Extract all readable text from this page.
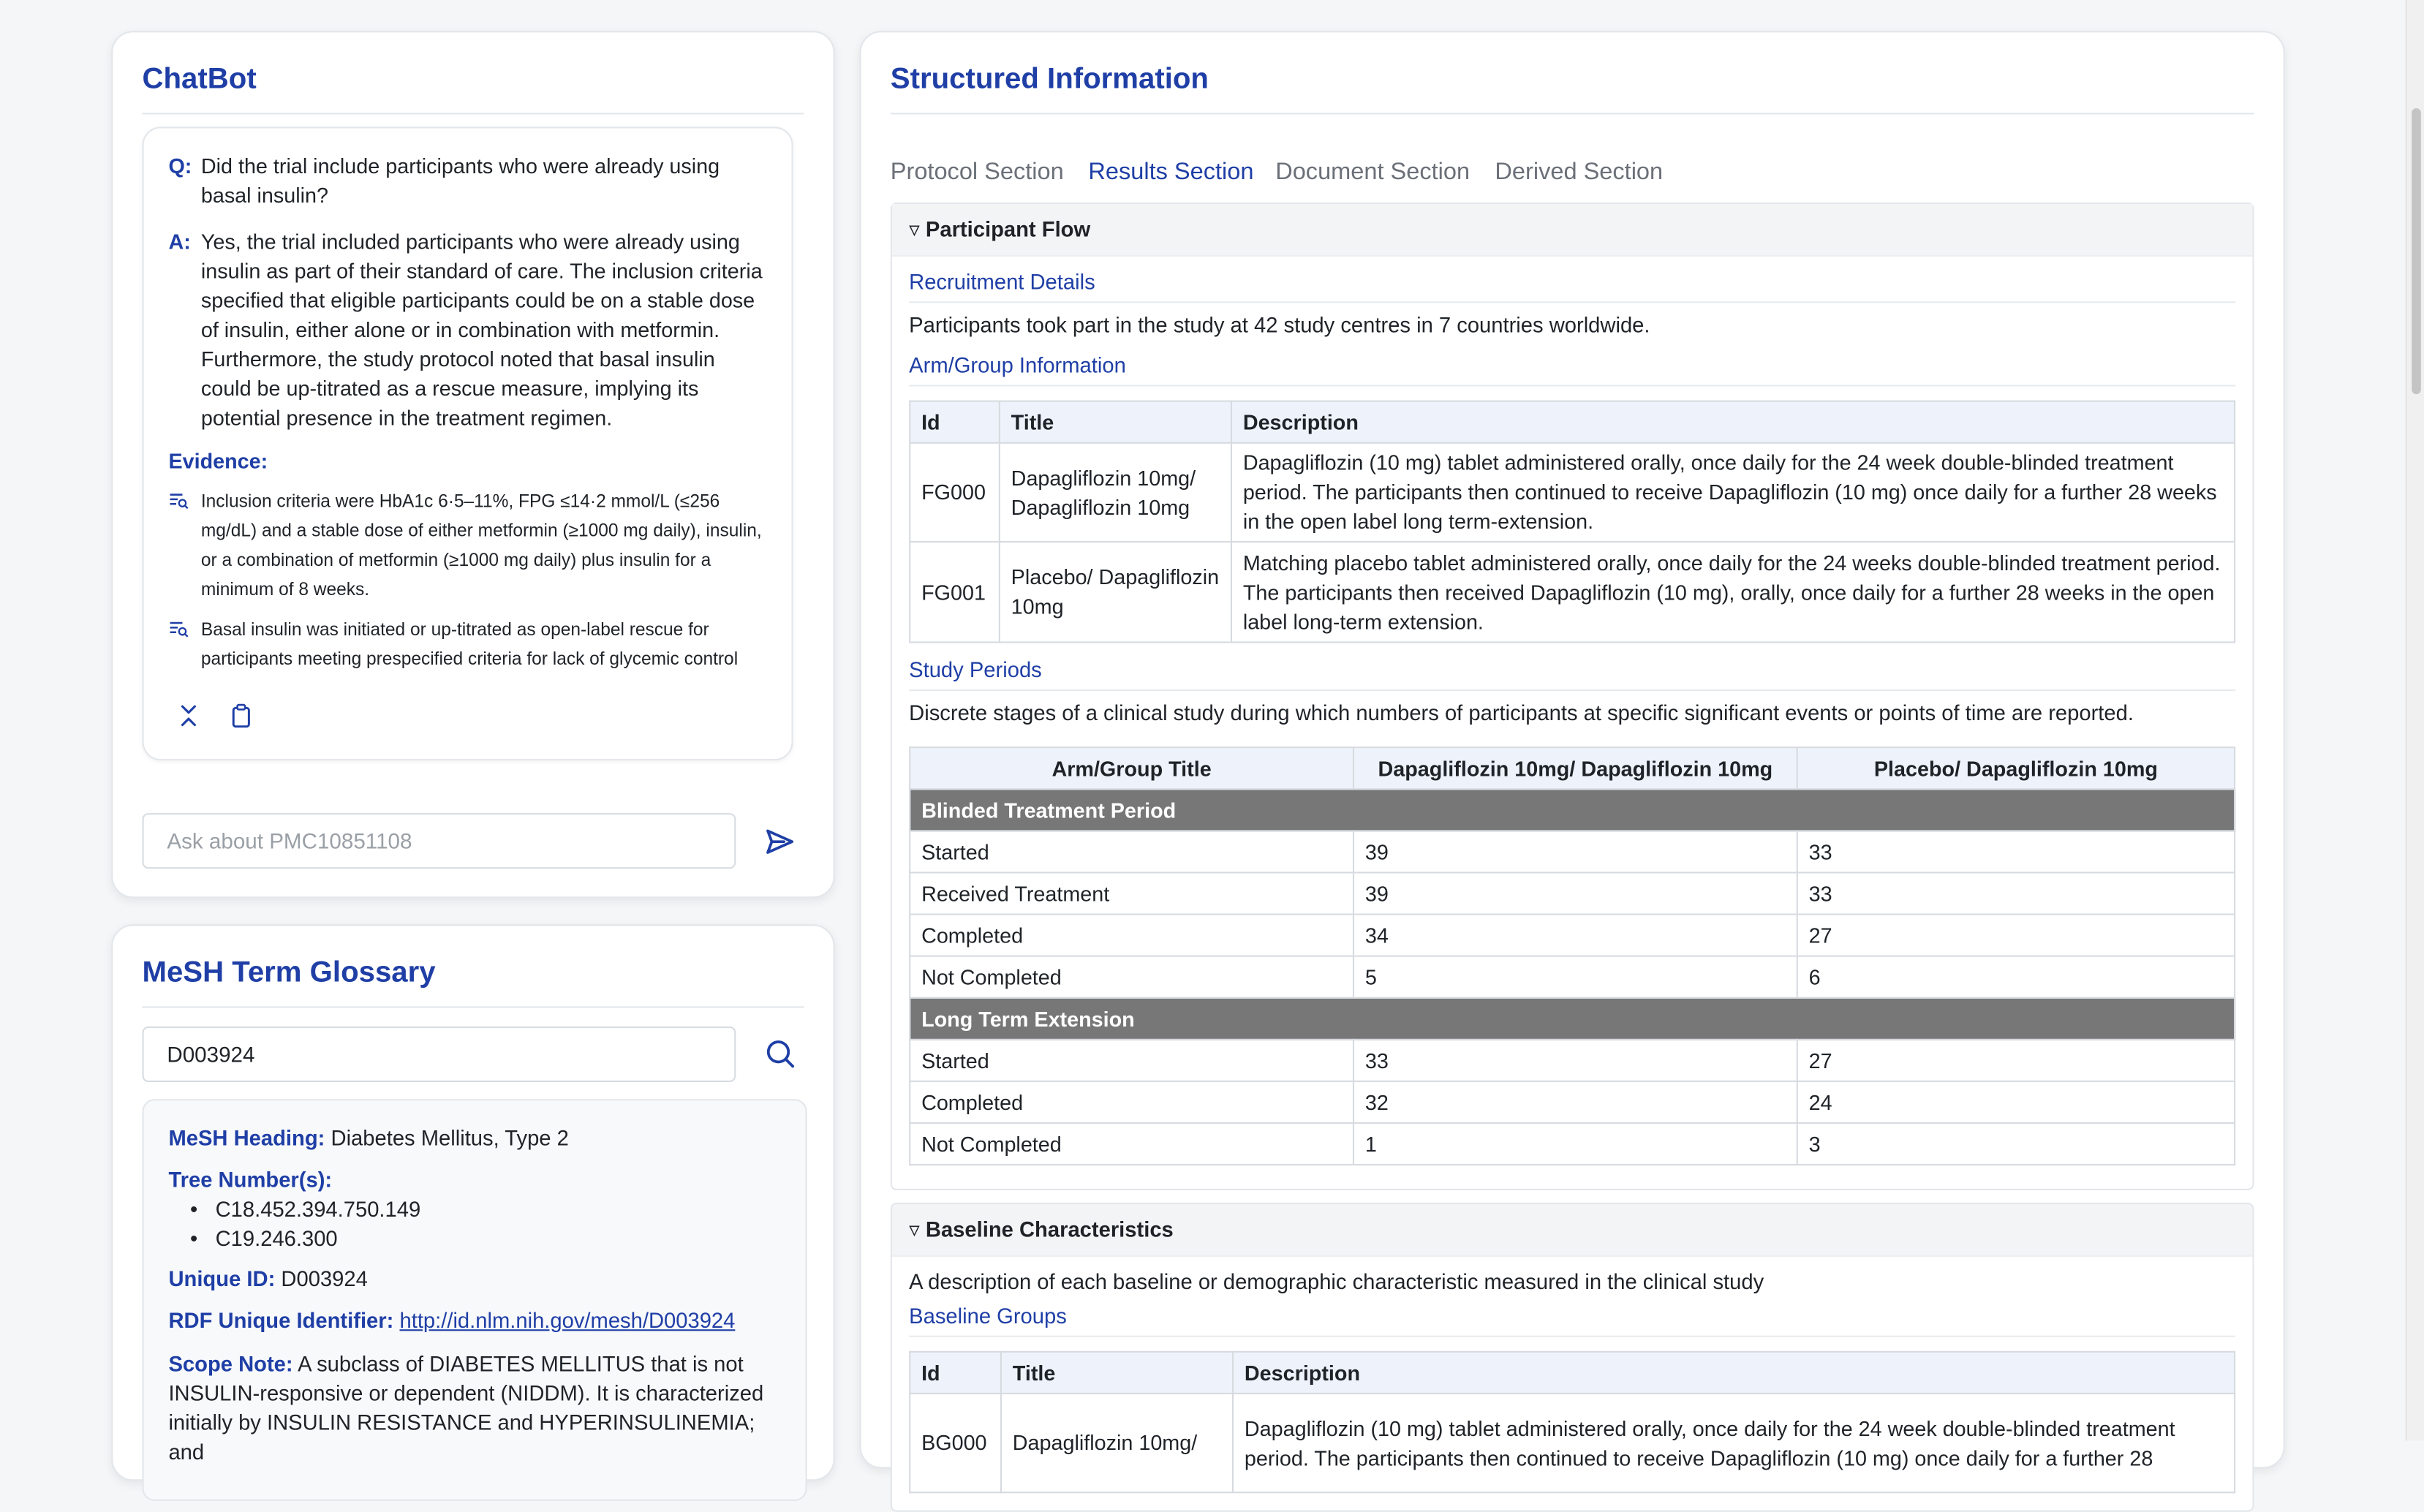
ChatBot
Q: Did the trial include participants who were already using basal insulin?
A: Yes, the trial included participants who were already using insulin as part of their standard of care. The inclusion criteria specified that eligible participants could be on a stable dose of insulin, either alone or in combination with metformin. Furthermore, the study protocol noted that basal insulin could be up-titrated as a rescue measure, implying its potential presence in the treatment regimen.
Evidence:
Inclusion criteria were HbA1c 6·5–11%, FPG ≤14·2 mmol/L (≤256 mg/dL) and a stable dose of either metformin (≥1000 mg daily), insulin, or a combination of metformin (≥1000 mg daily) plus insulin for a minimum of 8 weeks.
Basal insulin was initiated or up-titrated as open-label rescue for participants meeting prespecified criteria for lack of glycemic control
Ask about PMC10851108
MeSH Term Glossary
D003924
MeSH Heading: Diabetes Mellitus, Type 2
Tree Number(s):
•   C18.452.394.750.149
•   C19.246.300
Unique ID: D003924
RDF Unique Identifier: http://id.nlm.nih.gov/mesh/D003924
Scope Note: A subclass of DIABETES MELLITUS that is not INSULIN-responsive or dependent (NIDDM). It is characterized initially by INSULIN RESISTANCE and HYPERINSULINEMIA; and
Structured Information
Protocol Section Results Section Document Section Derived Section
▿ Participant Flow
Recruitment Details
Participants took part in the study at 42 study centres in 7 countries worldwide.
Arm/Group Information
Id	Title	Description
FG000	Dapagliflozin 10mg/ Dapagliflozin 10mg	Dapagliflozin (10 mg) tablet administered orally, once daily for the 24 week double-blinded treatment period. The participants then continued to receive Dapagliflozin (10 mg) once daily for a further 28 weeks in the open label long term-extension.
FG001	Placebo/ Dapagliflozin 10mg	Matching placebo tablet administered orally, once daily for the 24 weeks double-blinded treatment period. The participants then received Dapagliflozin (10 mg), orally, once daily for a further 28 weeks in the open label long-term extension.
Study Periods
Discrete stages of a clinical study during which numbers of participants at specific significant events or points of time are reported.
Arm/Group Title	Dapagliflozin 10mg/ Dapagliflozin 10mg	Placebo/ Dapagliflozin 10mg
Blinded Treatment Period		
Started	39	33
Received Treatment	39	33
Completed	34	27
Not Completed	5	6
Long Term Extension		
Started	33	27
Completed	32	24
Not Completed	1	3
▿ Baseline Characteristics
A description of each baseline or demographic characteristic measured in the clinical study
Baseline Groups
Id	Title	Description
BG000	Dapagliflozin 10mg/	Dapagliflozin (10 mg) tablet administered orally, once daily for the 24 week double-blinded treatment period. The participants then continued to receive Dapagliflozin (10 mg) once daily for a further 28
